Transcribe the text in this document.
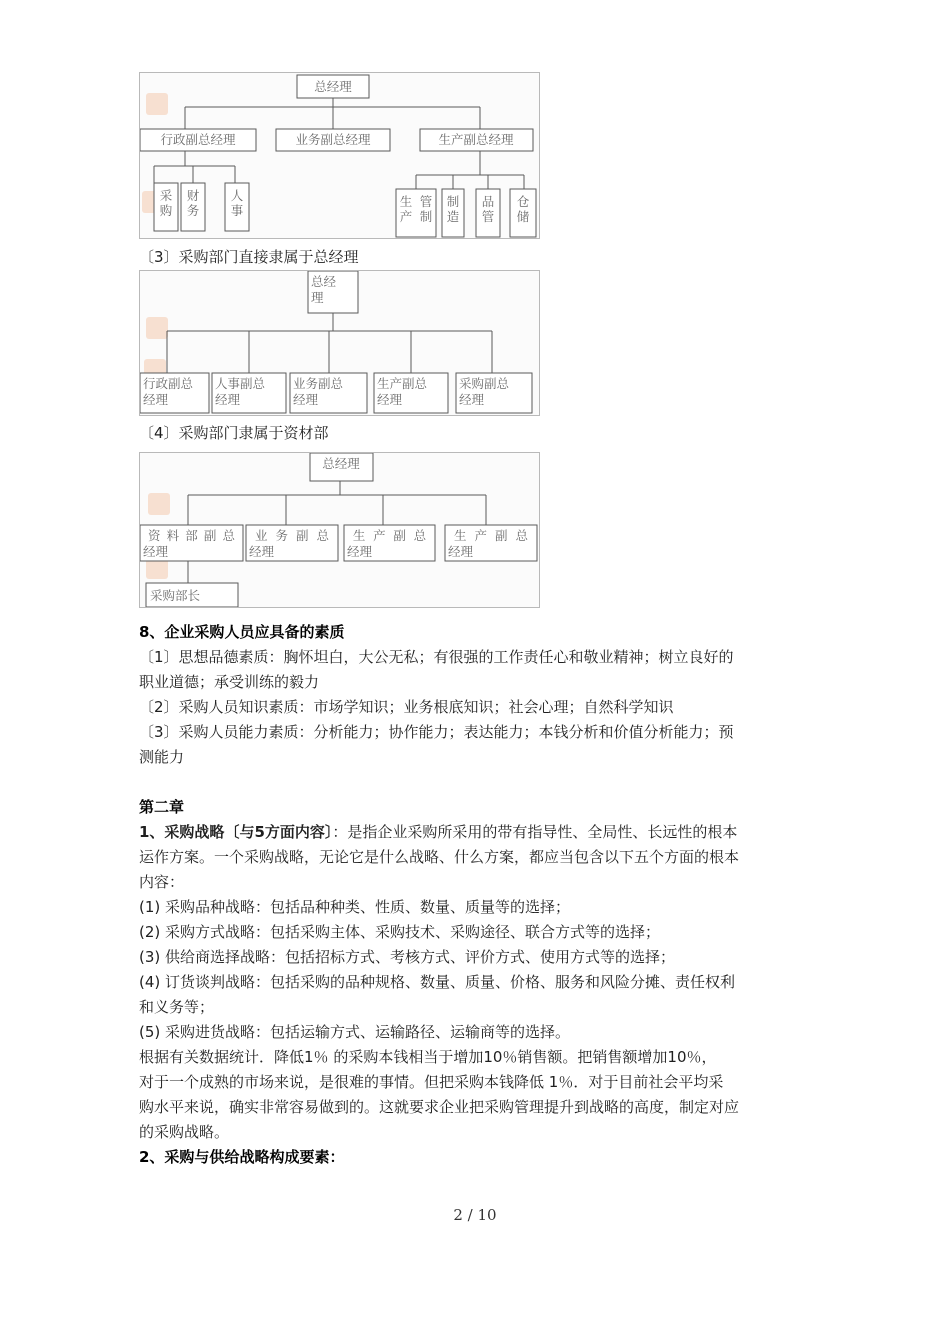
总经理
行政副总经理	业务副总经理	生产副总经理
采
购
财
务
人
事
生
产
管
制
制
造
品
管
仓
储
〔3〕采购部门直接隶属于总经理
总经
理
行政副总
经理
人事副总
经理
业务副总
经理
生产副总
经理
采购副总
经理
〔4〕采购部门隶属于资材部
总经理
资 料 部 副 总
经理
业 务 副 总
经理
生 产 副 总
经理
生 产 副 总
经理
采购部长
8、企业采购人员应具备的素质
〔1〕思想品德素质：胸怀坦白，大公无私；有很强的工作责任心和敬业精神；树立良好的
职业道德；承受训练的毅力
〔2〕采购人员知识素质：市场学知识；业务根底知识；社会心理；自然科学知识
〔3〕采购人员能力素质：分析能力；协作能力；表达能力；本钱分析和价值分析能力；预
测能力
第二章
1、采购战略〔与5方面内容〕：是指企业采购所采用的带有指导性、全局性、长远性的根本
运作方案。一个采购战略，无论它是什么战略、什么方案，都应当包含以下五个方面的根本
内容：
(1) 采购品种战略：包括品种种类、性质、数量、质量等的选择；
(2) 采购方式战略：包括采购主体、采购技术、采购途径、联合方式等的选择；
(3) 供给商选择战略：包括招标方式、考核方式、评价方式、使用方式等的选择；
(4) 订货谈判战略：包括采购的品种规格、数量、质量、价格、服务和风险分摊、责任权利
和义务等；
(5) 采购进货战略：包括运输方式、运输路径、运输商等的选择。
根据有关数据统计．降低1％ 的采购本钱相当于增加10％销售额。把销售额增加10％，
对于一个成熟的市场来说，是很难的事情。但把采购本钱降低 1％．对于目前社会平均采
购水平来说，确实非常容易做到的。这就要求企业把采购管理提升到战略的高度，制定对应
的采购战略。
2、采购与供给战略构成要素：
2 / 10
